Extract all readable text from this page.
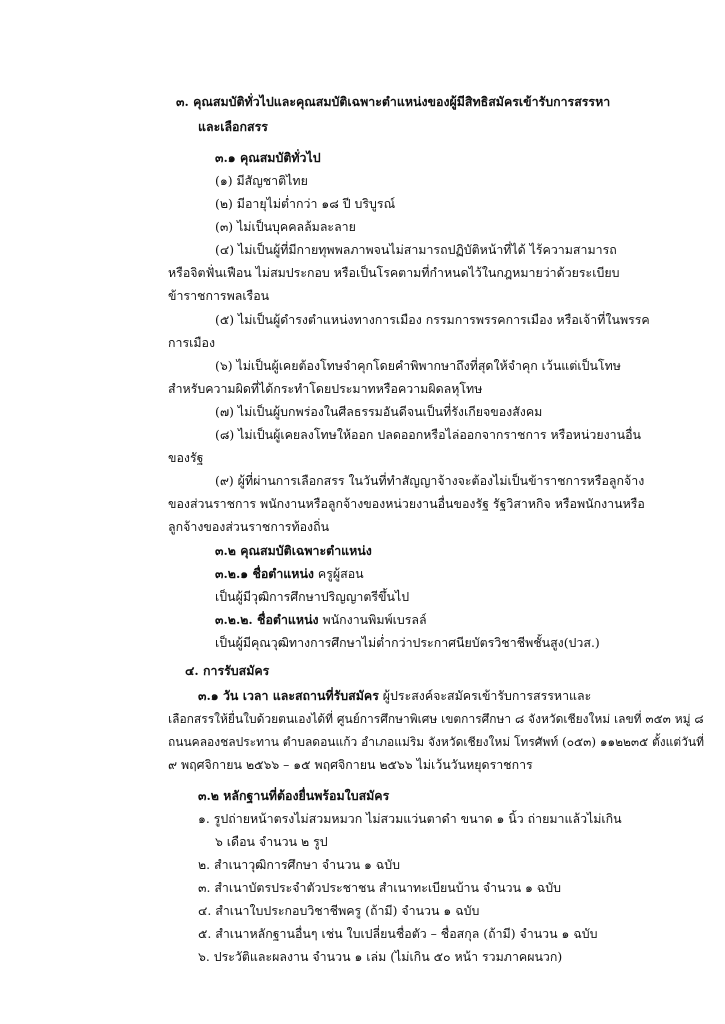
๓. คุณสมบัติทั่วไปและคุณสมบัติเฉพาะตำแหน่งของผู้มีสิทธิสมัครเข้ารับการสรรหา

และเลือกสรร

๓.๑ คุณสมบัติทั่วไป

(๑) มีสัญชาติไทย

(๒) มีอายุไม่ต่ำกว่า ๑๘ ปี บริบูรณ์

(๓) ไม่เป็นบุคคลล้มละลาย

(๔) ไม่เป็นผู้ที่มีกายทุพพลภาพจนไม่สามารถปฏิบัติหน้าที่ได้ ไร้ความสามารถ

หรือจิตฟั่นเฟือน ไม่สมประกอบ หรือเป็นโรคตามที่กำหนดไว้ในกฎหมายว่าด้วยระเบียบ

ข้าราชการพลเรือน

(๕) ไม่เป็นผู้ดำรงตำแหน่งทางการเมือง กรรมการพรรคการเมือง หรือเจ้าที่ในพรรค

การเมือง

(๖) ไม่เป็นผู้เคยต้องโทษจำคุกโดยคำพิพากษาถึงที่สุดให้จำคุก เว้นแต่เป็นโทษ

สำหรับความผิดที่ได้กระทำโดยประมาทหรือความผิดลหุโทษ

(๗) ไม่เป็นผู้บกพร่องในศีลธรรมอันดีจนเป็นที่รังเกียจของสังคม

(๘) ไม่เป็นผู้เคยลงโทษให้ออก ปลดออกหรือไล่ออกจากราชการ หรือหน่วยงานอื่น

ของรัฐ

(๙) ผู้ที่ผ่านการเลือกสรร ในวันที่ทำสัญญาจ้างจะต้องไม่เป็นข้าราชการหรือลูกจ้าง

ของส่วนราชการ พนักงานหรือลูกจ้างของหน่วยงานอื่นของรัฐ รัฐวิสาหกิจ หรือพนักงานหรือ

ลูกจ้างของส่วนราชการท้องถิ่น

๓.๒ คุณสมบัติเฉพาะตำแหน่ง

๓.๒.๑ ชื่อตำแหน่ง ครูผู้สอน

เป็นผู้มีวุฒิการศึกษาปริญญาตรีขึ้นไป

๓.๒.๒. ชื่อตำแหน่ง พนักงานพิมพ์เบรลล์

เป็นผู้มีคุณวุฒิทางการศึกษาไม่ต่ำกว่าประกาศนียบัตรวิชาชีพชั้นสูง(ปวส.)

๔. การรับสมัคร

๓.๑ วัน เวลา และสถานที่รับสมัคร ผู้ประสงค์จะสมัครเข้ารับการสรรหาและ

เลือกสรรให้ยื่นใบด้วยตนเองได้ที่ ศูนย์การศึกษาพิเศษ เขตการศึกษา ๘ จังหวัดเชียงใหม่ เลขที่ ๓๕๓ หมู่ ๘

ถนนคลองชลประทาน ตำบลดอนแก้ว อำเภอแม่ริม จังหวัดเชียงใหม่ โทรศัพท์ (๐๕๓) ๑๑๒๒๓๕ ตั้งแต่วันที่

๙ พฤศจิกายน ๒๕๖๖ – ๑๕ พฤศจิกายน ๒๕๖๖ ไม่เว้นวันหยุดราชการ

๓.๒ หลักฐานที่ต้องยื่นพร้อมใบสมัคร

๑. รูปถ่ายหน้าตรงไม่สวมหมวก ไม่สวมแว่นตาดำ ขนาด ๑ นิ้ว ถ่ายมาแล้วไม่เกิน

๖ เดือน จำนวน ๒ รูป

๒. สำเนาวุฒิการศึกษา จำนวน ๑ ฉบับ

๓. สำเนาบัตรประจำตัวประชาชน สำเนาทะเบียนบ้าน จำนวน ๑ ฉบับ

๔. สำเนาใบประกอบวิชาชีพครู (ถ้ามี) จำนวน ๑ ฉบับ

๕. สำเนาหลักฐานอื่นๆ เช่น ใบเปลี่ยนชื่อตัว – ชื่อสกุล (ถ้ามี) จำนวน ๑ ฉบับ

๖. ประวัติและผลงาน จำนวน ๑ เล่ม (ไม่เกิน ๕๐ หน้า รวมภาคผนวก)
